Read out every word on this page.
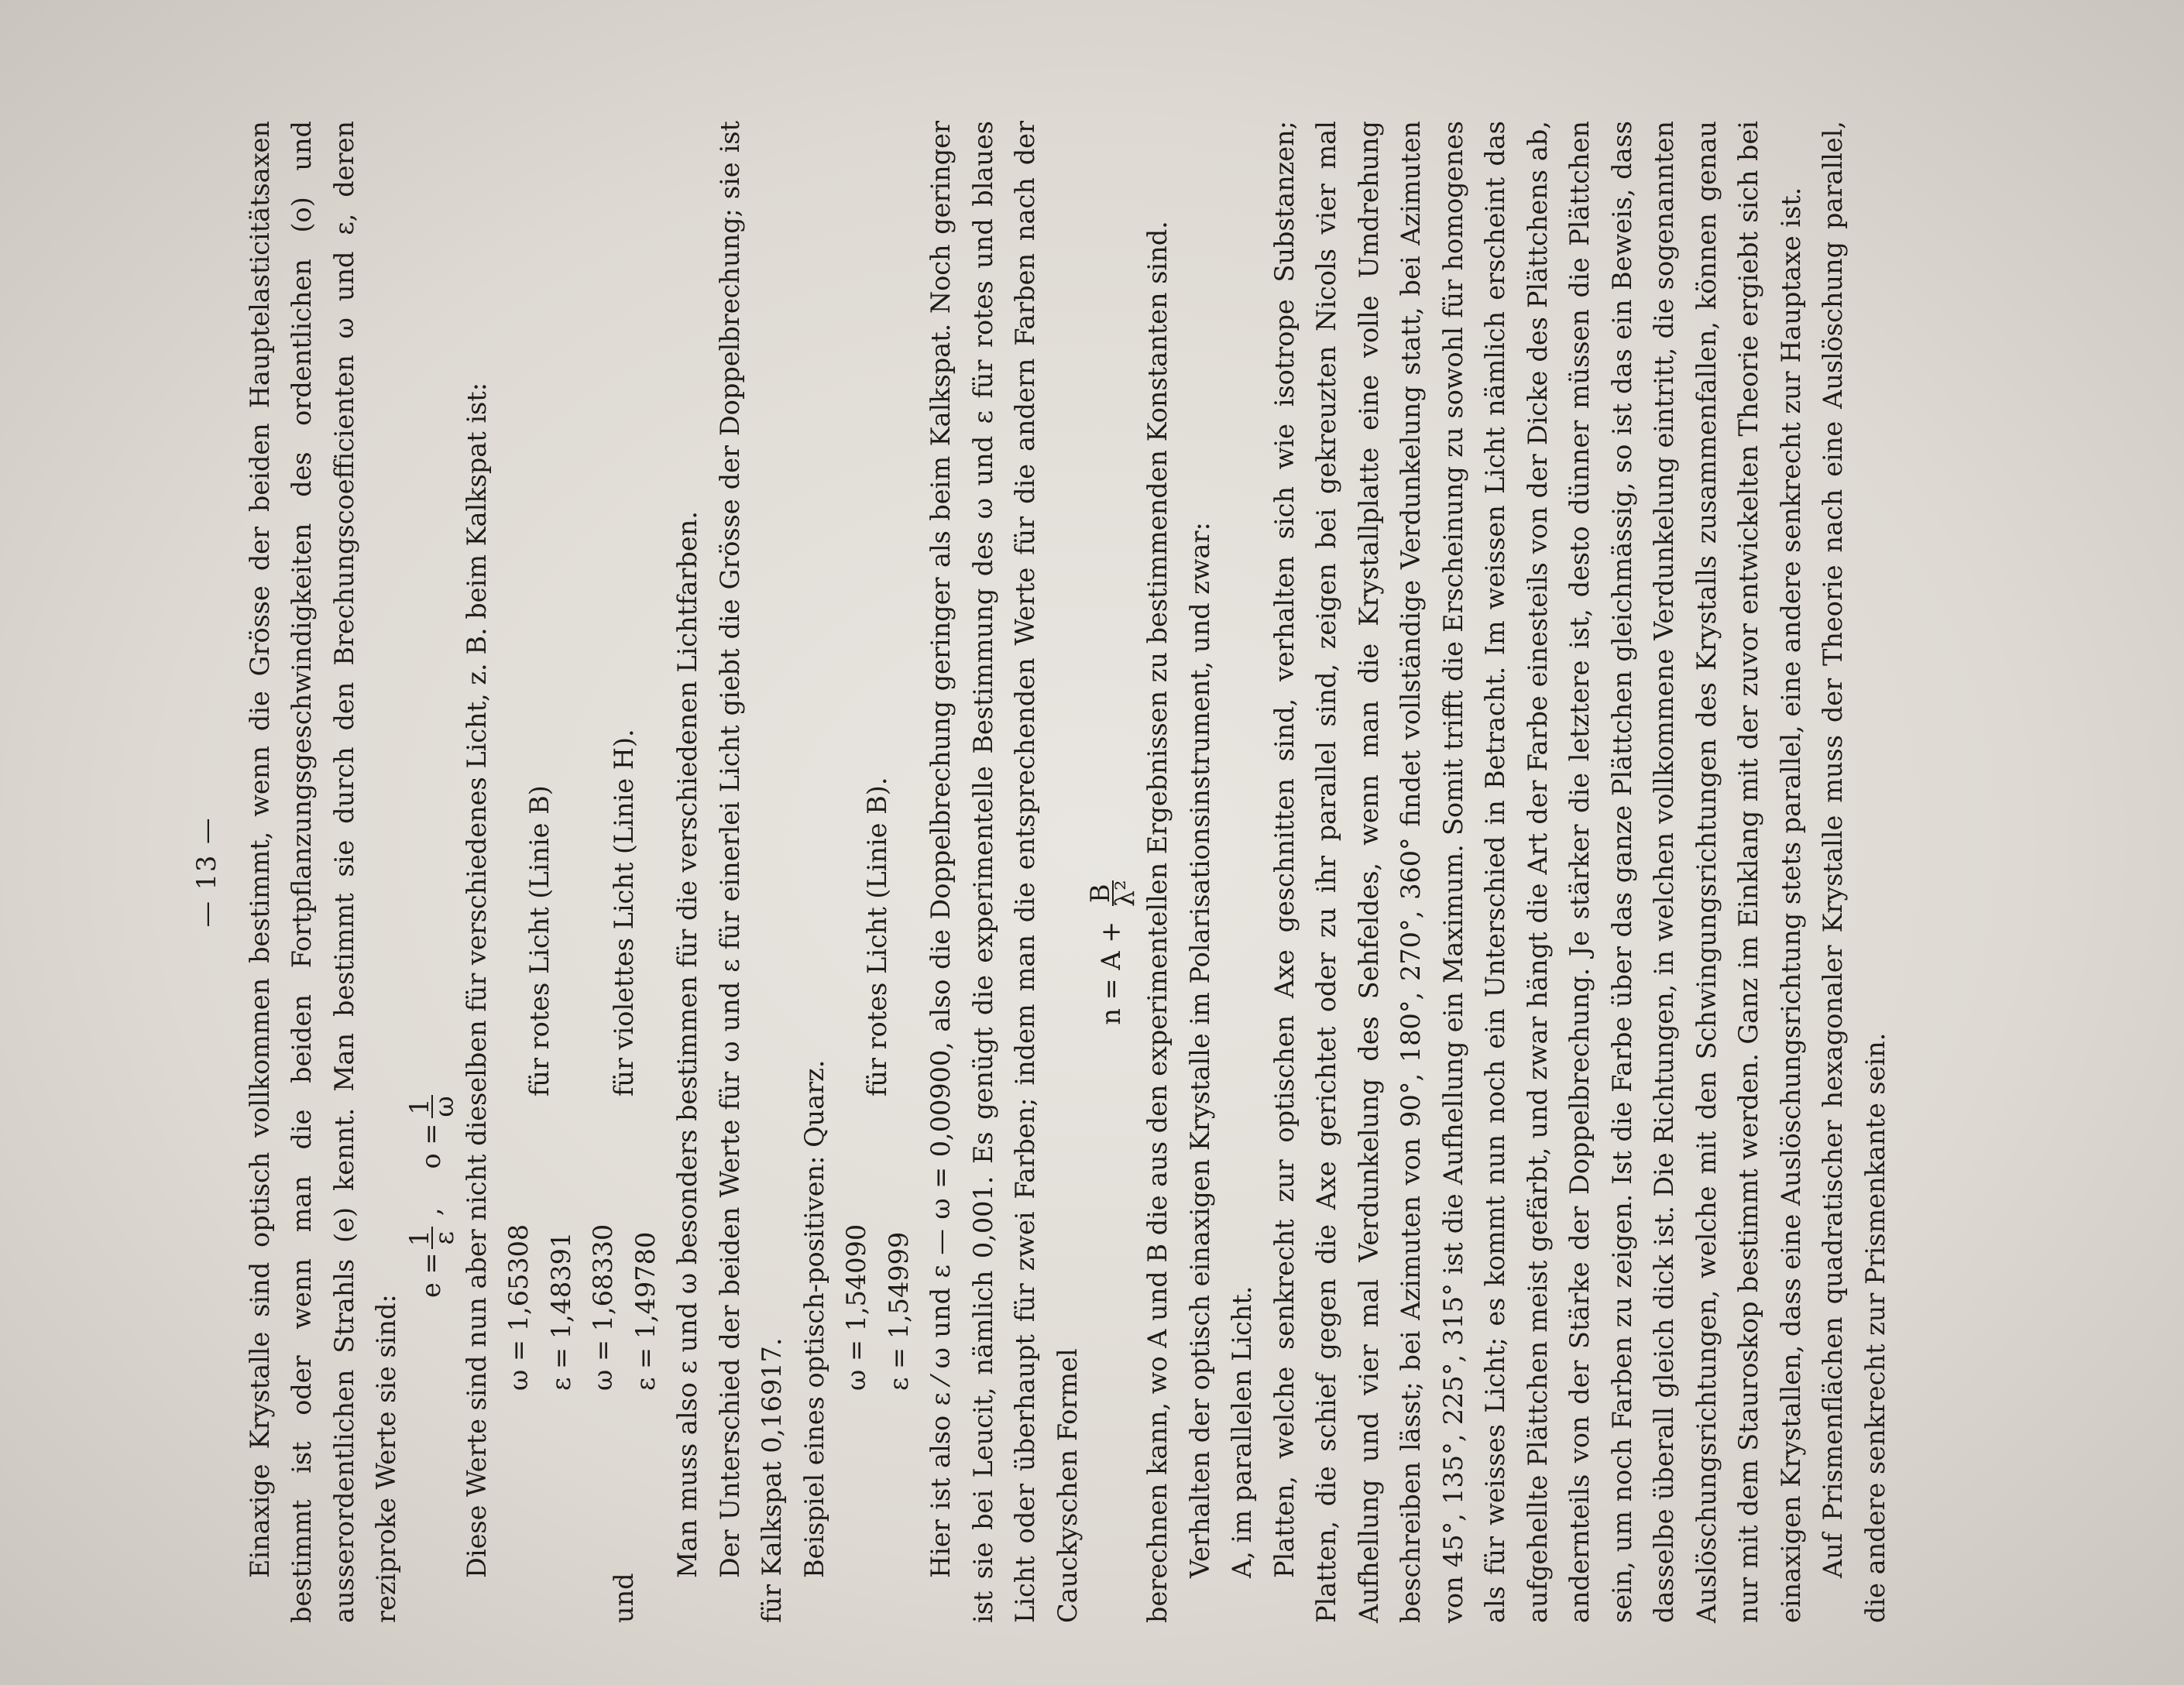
— 13 — Einaxige Krystalle sind optisch vollkommen bestimmt, wenn die Grösse der beiden Hauptelasticitätsaxen bestimmt ist oder wenn man die beiden Fortpflanzungsgeschwindigkeiten des ordentlichen (o) und ausserordentlichen Strahls (e) kennt. Man bestimmt sie durch den Brechungscoefficienten ω und ε, deren reziproke Werte sie sind:

e =
1
ε
,
o =
1
ω Diese Werte sind nun aber nicht dieselben für verschiedenes Licht, z. B. beim Kalkspat ist: ω = 1,65308 ε = 1,48391
für rotes Licht (Linie B)
und
ω = 1,68330 ε = 1,49780
für violettes Licht (Linie H). Man muss also ε und ω besonders bestimmen für die verschiedenen Lichtfarben. Der Unterschied der beiden Werte für ω und ε für einerlei Licht giebt die Grösse der Doppelbrechung; sie ist für Kalkspat 0,16917. Beispiel eines optisch-positiven: Quarz. ω = 1,54090 ε = 1,54999
für rotes Licht (Linie B). Hier ist also ε ⁄ ω und ε — ω = 0,00900, also die Doppelbrechung geringer als beim Kalkspat. Noch geringer ist sie bei Leucit, nämlich 0,001. Es genügt die experimentelle Bestimmung des ω und ε für rotes und blaues Licht oder überhaupt für zwei Farben; indem man die entsprechenden Werte für die andern Farben nach der Cauckyschen Formel

n = A +
B
λ² berechnen kann, wo A und B die aus den experimentellen Ergebnissen zu bestimmenden Konstanten sind. Verhalten der optisch einaxigen Krystalle im Polarisationsinstrument, und zwar: A, im parallelen Licht. Platten, welche senkrecht zur optischen Axe geschnitten sind, verhalten sich wie isotrope Substanzen; Platten, die schief gegen die Axe gerichtet oder zu ihr parallel sind, zeigen bei gekreuzten Nicols vier mal Aufhellung und vier mal Verdunkelung des Sehfeldes, wenn man die Krystallplatte eine volle Umdrehung beschreiben lässt; bei Azimuten von 90°, 180°, 270°, 360° findet vollständige Verdunkelung statt, bei Azimuten von 45°, 135°, 225°, 315° ist die Aufhellung ein Maximum. Somit trifft die Erscheinung zu sowohl für homogenes als für weisses Licht; es kommt nun noch ein Unterschied in Betracht. Im weissen Licht nämlich erscheint das aufgehellte Plättchen meist gefärbt, und zwar hängt die Art der Farbe einesteils von der Dicke des Plättchens ab, andernteils von der Stärke der Doppelbrechung. Je stärker die letztere ist, desto dünner müssen die Plättchen sein, um noch Farben zu zeigen. Ist die Farbe über das ganze Plättchen gleichmässig, so ist das ein Beweis, dass dasselbe überall gleich dick ist. Die Richtungen, in welchen vollkommene Verdunkelung eintritt, die sogenannten Auslöschungsrichtungen, welche mit den Schwingungsrichtungen des Krystalls zusammenfallen, können genau nur mit dem Stauroskop bestimmt werden. Ganz im Einklang mit der zuvor entwickelten Theorie ergiebt sich bei einaxigen Krystallen, dass eine Auslöschungsrichtung stets parallel, eine andere senkrecht zur Hauptaxe ist. Auf Prismenflächen quadratischer hexagonaler Krystalle muss der Theorie nach eine Auslöschung parallel, die andere senkrecht zur Prismenkante sein.
